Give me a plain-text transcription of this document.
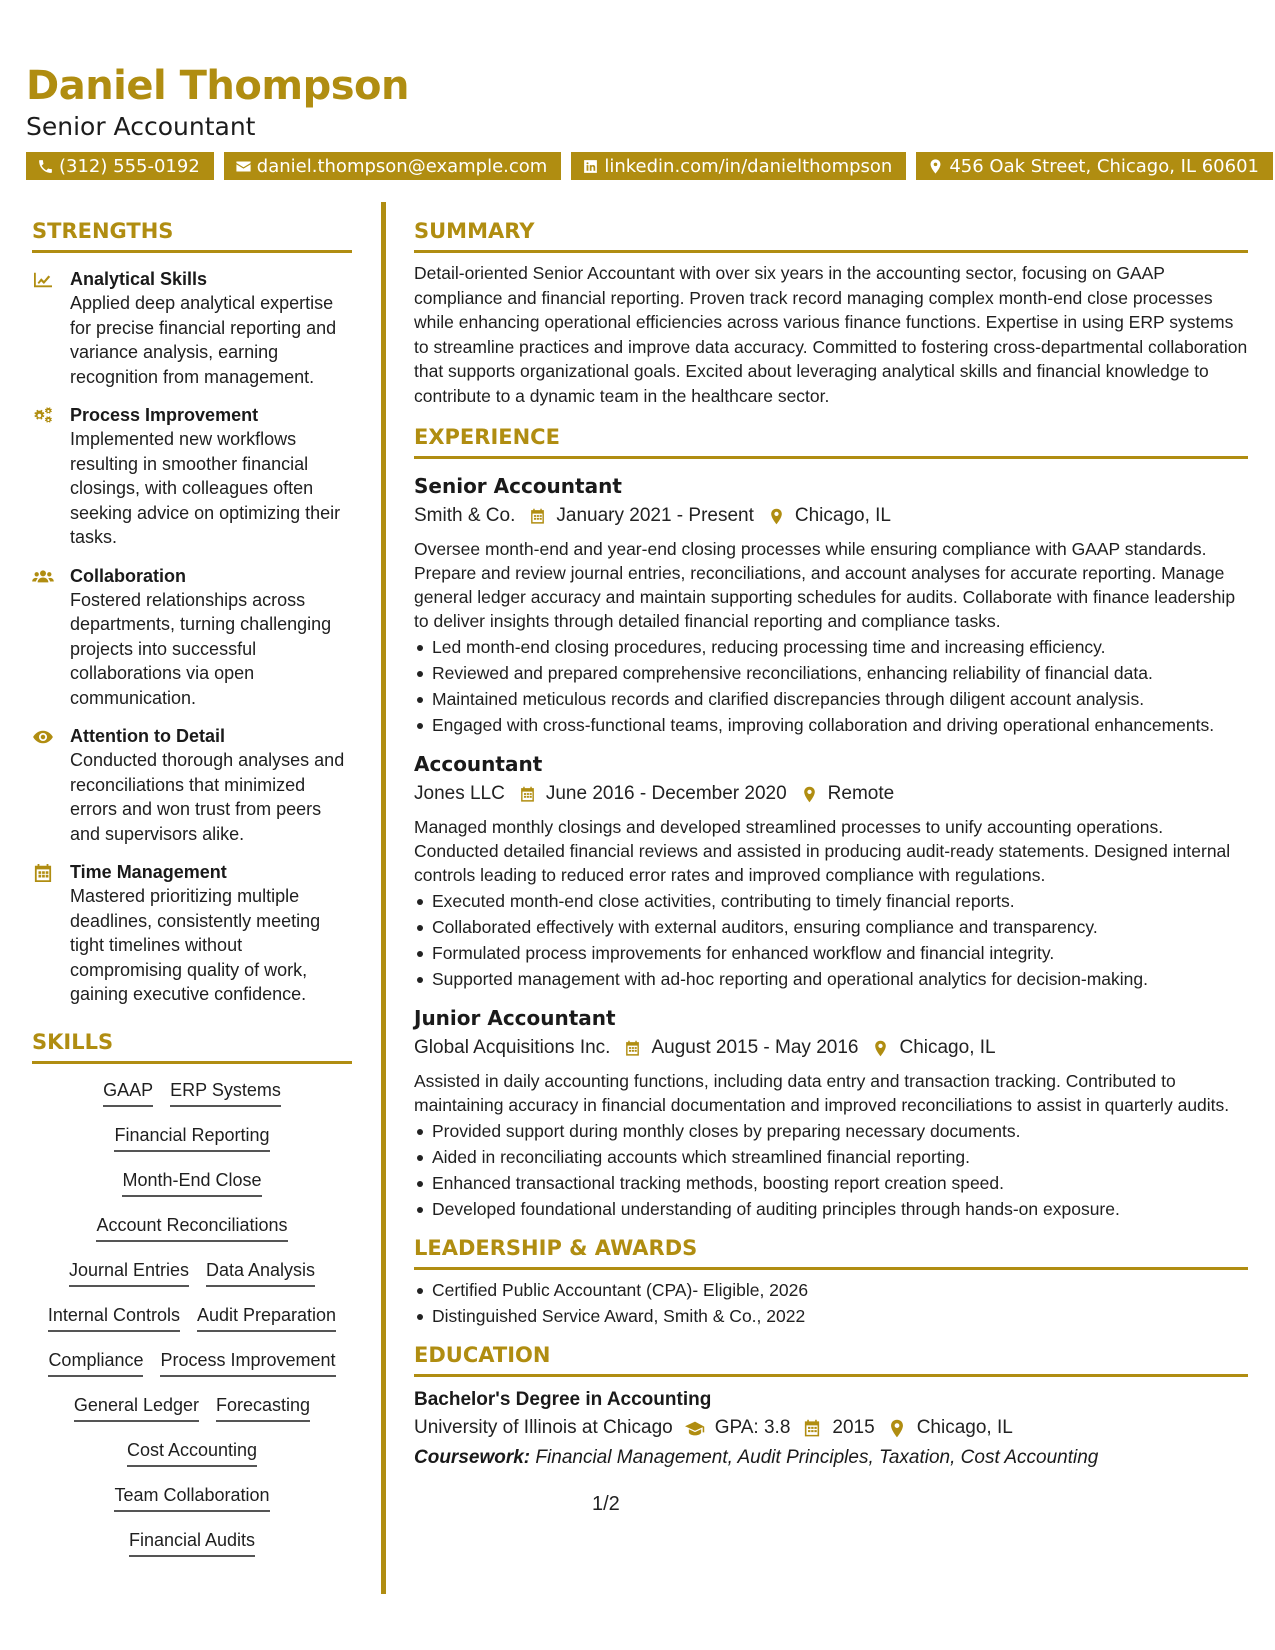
Daniel Thompson
Senior Accountant
(312) 555-0192	daniel.thompson@example.com	linkedin.com/in/danielthompson	456 Oak Street, Chicago, IL 60601
STRENGTHS
Analytical Skills
Applied deep analytical expertise for precise financial reporting and variance analysis, earning recognition from management.
Process Improvement
Implemented new workflows resulting in smoother financial closings, with colleagues often seeking advice on optimizing their tasks.
Collaboration
Fostered relationships across departments, turning challenging projects into successful collaborations via open communication.
Attention to Detail
Conducted thorough analyses and reconciliations that minimized errors and won trust from peers and supervisors alike.
Time Management
Mastered prioritizing multiple deadlines, consistently meeting tight timelines without compromising quality of work, gaining executive confidence.
SKILLS
GAAP ERP Systems
Financial Reporting
Month-End Close
Account Reconciliations
Journal Entries Data Analysis
Internal Controls Audit Preparation
Compliance Process Improvement
General Ledger Forecasting
Cost Accounting
Team Collaboration
Financial Audits
SUMMARY
Detail-oriented Senior Accountant with over six years in the accounting sector, focusing on GAAP compliance and financial reporting. Proven track record managing complex month-end close processes while enhancing operational efficiencies across various finance functions. Expertise in using ERP systems to streamline practices and improve data accuracy. Committed to fostering cross-departmental collaboration that supports organizational goals. Excited about leveraging analytical skills and financial knowledge to contribute to a dynamic team in the healthcare sector.
EXPERIENCE
Senior Accountant
Smith & Co. January 2021 - Present Chicago, IL
Oversee month-end and year-end closing processes while ensuring compliance with GAAP standards. Prepare and review journal entries, reconciliations, and account analyses for accurate reporting. Manage general ledger accuracy and maintain supporting schedules for audits. Collaborate with finance leadership to deliver insights through detailed financial reporting and compliance tasks.
Led month-end closing procedures, reducing processing time and increasing efficiency.
Reviewed and prepared comprehensive reconciliations, enhancing reliability of financial data.
Maintained meticulous records and clarified discrepancies through diligent account analysis.
Engaged with cross-functional teams, improving collaboration and driving operational enhancements.
Accountant
Jones LLC June 2016 - December 2020 Remote
Managed monthly closings and developed streamlined processes to unify accounting operations. Conducted detailed financial reviews and assisted in producing audit-ready statements. Designed internal controls leading to reduced error rates and improved compliance with regulations.
Executed month-end close activities, contributing to timely financial reports.
Collaborated effectively with external auditors, ensuring compliance and transparency.
Formulated process improvements for enhanced workflow and financial integrity.
Supported management with ad-hoc reporting and operational analytics for decision-making.
Junior Accountant
Global Acquisitions Inc. August 2015 - May 2016 Chicago, IL
Assisted in daily accounting functions, including data entry and transaction tracking. Contributed to maintaining accuracy in financial documentation and improved reconciliations to assist in quarterly audits.
Provided support during monthly closes by preparing necessary documents.
Aided in reconciliating accounts which streamlined financial reporting.
Enhanced transactional tracking methods, boosting report creation speed.
Developed foundational understanding of auditing principles through hands-on exposure.
LEADERSHIP & AWARDS
Certified Public Accountant (CPA)- Eligible, 2026
Distinguished Service Award, Smith & Co., 2022
EDUCATION
Bachelor's Degree in Accounting
University of Illinois at Chicago GPA: 3.8 2015 Chicago, IL
Coursework: Financial Management, Audit Principles, Taxation, Cost Accounting
1/2
